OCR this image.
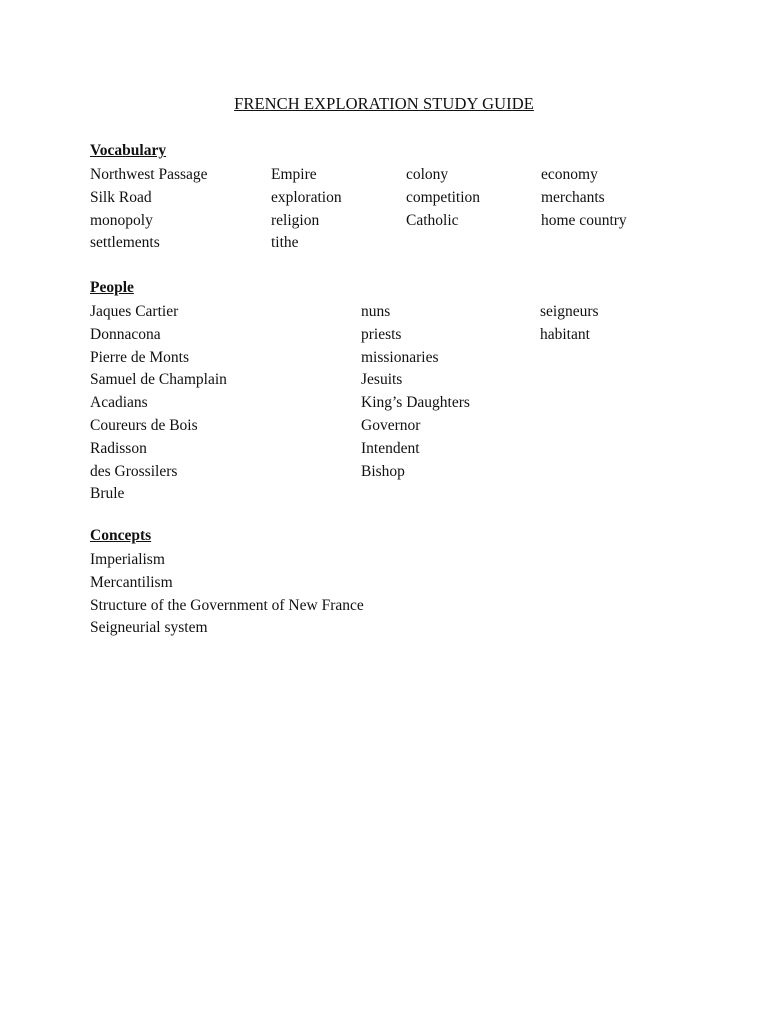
FRENCH EXPLORATION STUDY GUIDE
Vocabulary
Northwest Passage
Silk Road
monopoly
settlements
Empire
exploration
religion
tithe
colony
competition
Catholic
economy
merchants
home country
People
Jaques Cartier
Donnacona
Pierre de Monts
Samuel de Champlain
Acadians
Coureurs de Bois
Radisson
des Grossilers
Brule
nuns
priests
missionaries
Jesuits
King’s Daughters
Governor
Intendent
Bishop
seigneurs
habitant
Concepts
Imperialism
Mercantilism
Structure of the Government of New France
Seigneurial system
